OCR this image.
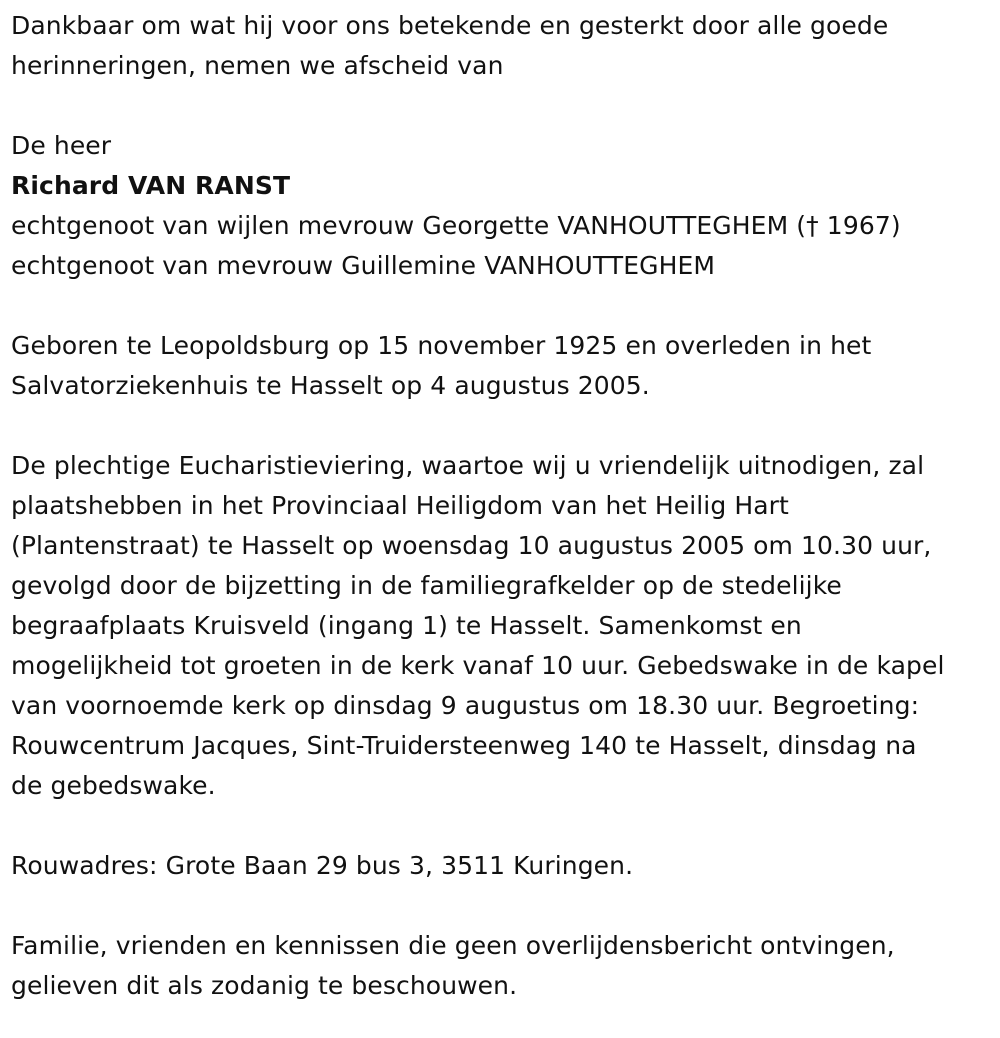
Dankbaar om wat hij voor ons betekende en gesterkt door alle goede
herinneringen, nemen we afscheid van

De heer
Richard VAN RANST
echtgenoot van wijlen mevrouw Georgette VANHOUTTEGHEM († 1967)
echtgenoot van mevrouw Guillemine VANHOUTTEGHEM

Geboren te Leopoldsburg op 15 november 1925 en overleden in het
Salvatorziekenhuis te Hasselt op 4 augustus 2005.

De plechtige Eucharistieviering, waartoe wij u vriendelijk uitnodigen, zal
plaatshebben in het Provinciaal Heiligdom van het Heilig Hart
(Plantenstraat) te Hasselt op woensdag 10 augustus 2005 om 10.30 uur,
gevolgd door de bijzetting in de familiegrafkelder op de stedelijke
begraafplaats Kruisveld (ingang 1) te Hasselt. Samenkomst en
mogelijkheid tot groeten in de kerk vanaf 10 uur. Gebedswake in de kapel
van voornoemde kerk op dinsdag 9 augustus om 18.30 uur. Begroeting:
Rouwcentrum Jacques, Sint-Truidersteenweg 140 te Hasselt, dinsdag na
de gebedswake.

Rouwadres: Grote Baan 29 bus 3, 3511 Kuringen.

Familie, vrienden en kennissen die geen overlijdensbericht ontvingen,
gelieven dit als zodanig te beschouwen.
